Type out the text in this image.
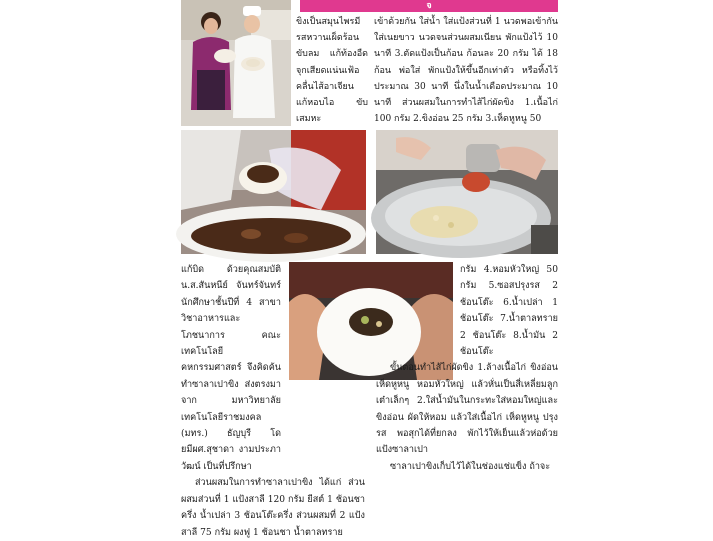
จ

ขิงเป็นสมุนไพรมีรสหวานเผ็ดร้อน ขับลม แก้ท้องอืดจุกเสียดแน่นเฟ้อ คลื่นไส้อาเจียน แก้หอบไอ ขับเสมหะ

เข้าด้วยกัน ใส่น้ำ ใส่แป้งส่วนที่ 1 นวดพอเข้ากัน ใส่เนยขาว นวดจนส่วนผสมเนียน พักแป้งไว้ 10 นาที 3.ตัดแป้งเป็นก้อน ก้อนละ 20 กรัม ได้ 18 ก้อน พ่อใส่ พักแป้งให้ขึ้นอีกเท่าตัว หรือทิ้งไว้ประมาณ 30 นาที นึ่งในน้ำเดือดประมาณ 10 นาที ส่วนผสมในการทำไส้ไก่ผัดขิง 1.เนื้อไก่ 100 กรัม 2.ขิงอ่อน 25 กรัม 3.เห็ดหูหนู 50

แก้บิด ด้วยคุณสมบัติน.ส.สันหนีย์ จันทร์จันทร์ นักศึกษาชั้นปีที่ 4 สาขาวิชาอาหารและโภชนาการ คณะเทคโนโลยีคหกรรมศาสตร์ จึงคิดค้นทำซาลาเปาขิง ส่งตรงมาจาก มหาวิทยาลัยเทคโนโลยีราชมงคล (มทร.) ธัญบุรี โดยมีผศ.สุชาดา งามประภาวัฒน์ เป็นที่ปรึกษา

ส่วนผสมในการทำซาลาเปาขิง ได้แก่ ส่วนผสมส่วนที่ 1 แป้งสาลี 120 กรัม ยีสต์ 1 ช้อนชาครึ่ง น้ำเปล่า 3 ช้อนโต๊ะครึ่ง ส่วนผสมที่ 2 แป้งสาลี 75 กรัม ผงฟู 1 ช้อนชา น้ำตาลทราย

กรัม 4.หอมหัวใหญ่ 50 กรัม 5.ซอสปรุงรส 2 ช้อนโต๊ะ 6.น้ำเปล่า 1 ช้อนโต๊ะ 7.น้ำตาลทราย 2 ช้อนโต๊ะ 8.น้ำมัน 2 ช้อนโต๊ะ

ขั้นตอนทำไส้ไก่ผัดขิง 1.ล้างเนื้อไก่ ขิงอ่อน เห็ดหูหนู หอมหัวใหญ่ แล้วหั่นเป็นสี่เหลี่ยมลูกเต๋าเล็กๆ 2.ใส่น้ำมันในกระทะใส่หอมใหญ่และขิงอ่อน ผัดให้หอม แล้วใส่เนื้อไก่ เห็ดหูหนู ปรุงรส พอสุกได้ที่ยกลง พักไว้ให้เย็นแล้วห่อด้วยแป้งซาลาเปา

ซาลาเปาขิงเก็บไว้ได้ในช่องแช่แข็ง ถ้าจะ
